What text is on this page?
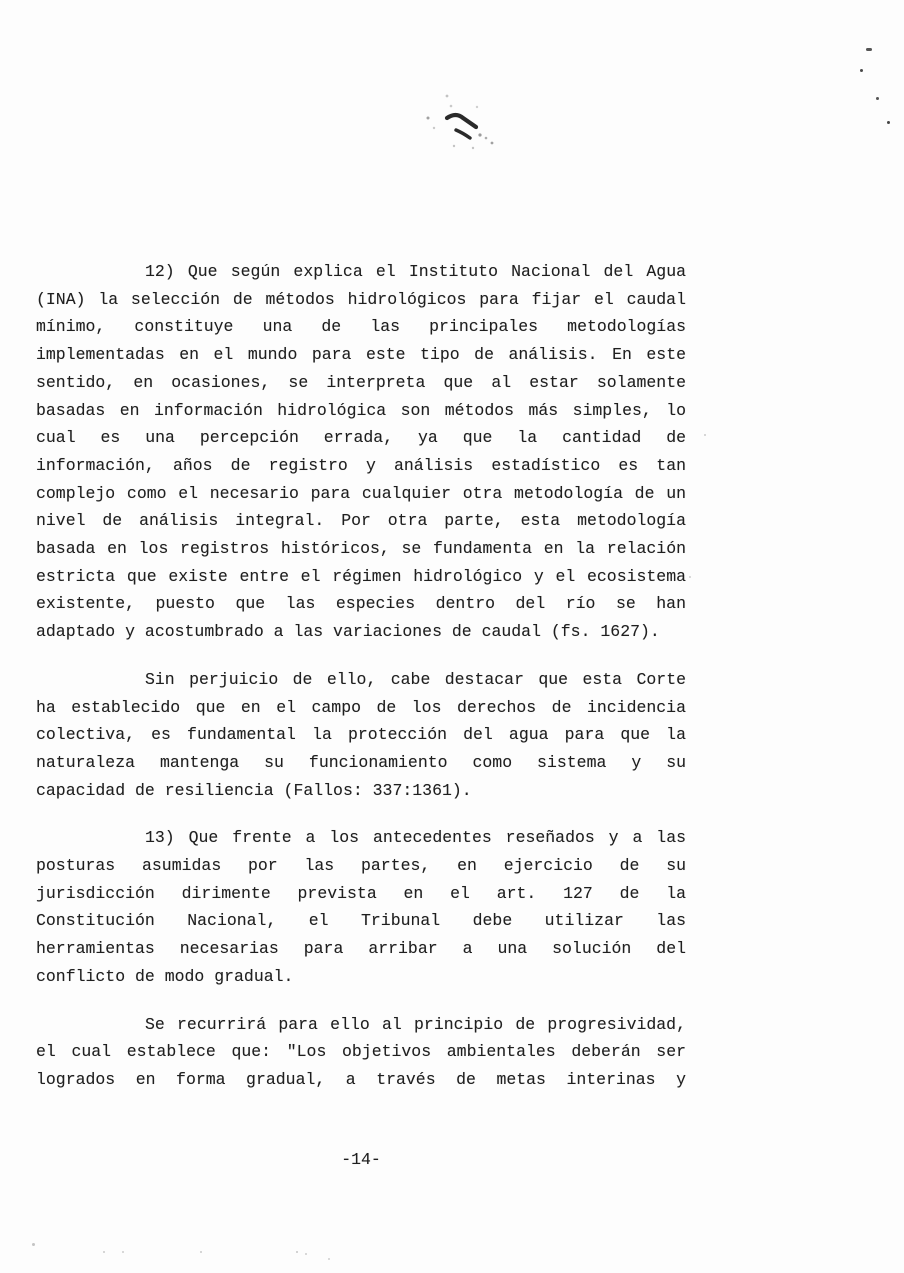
12) Que según explica el Instituto Nacional del Agua
(INA) la selección de métodos hidrológicos para fijar el caudal
mínimo, constituye una de las principales metodologías
implementadas en el mundo para este tipo de análisis. En este
sentido, en ocasiones, se interpreta que al estar solamente
basadas en información hidrológica son métodos más simples, lo
cual es una percepción errada, ya que la cantidad de
información, años de registro y análisis estadístico es tan
complejo como el necesario para cualquier otra metodología de un
nivel de análisis integral. Por otra parte, esta metodología
basada en los registros históricos, se fundamenta en la relación
estricta que existe entre el régimen hidrológico y el ecosistema
existente, puesto que las especies dentro del río se han
adaptado y acostumbrado a las variaciones de caudal (fs. 1627).
Sin perjuicio de ello, cabe destacar que esta Corte
ha establecido que en el campo de los derechos de incidencia
colectiva, es fundamental la protección del agua para que la
naturaleza mantenga su funcionamiento como sistema y su
capacidad de resiliencia (Fallos: 337:1361).
13) Que frente a los antecedentes reseñados y a las
posturas asumidas por las partes, en ejercicio de su
jurisdicción dirimente prevista en el art. 127 de la
Constitución Nacional, el Tribunal debe utilizar las
herramientas necesarias para arribar a una solución del
conflicto de modo gradual.
Se recurrirá para ello al principio de progresividad,
el cual establece que: "Los objetivos ambientales deberán ser
logrados en forma gradual, a través de metas interinas y
-14-
